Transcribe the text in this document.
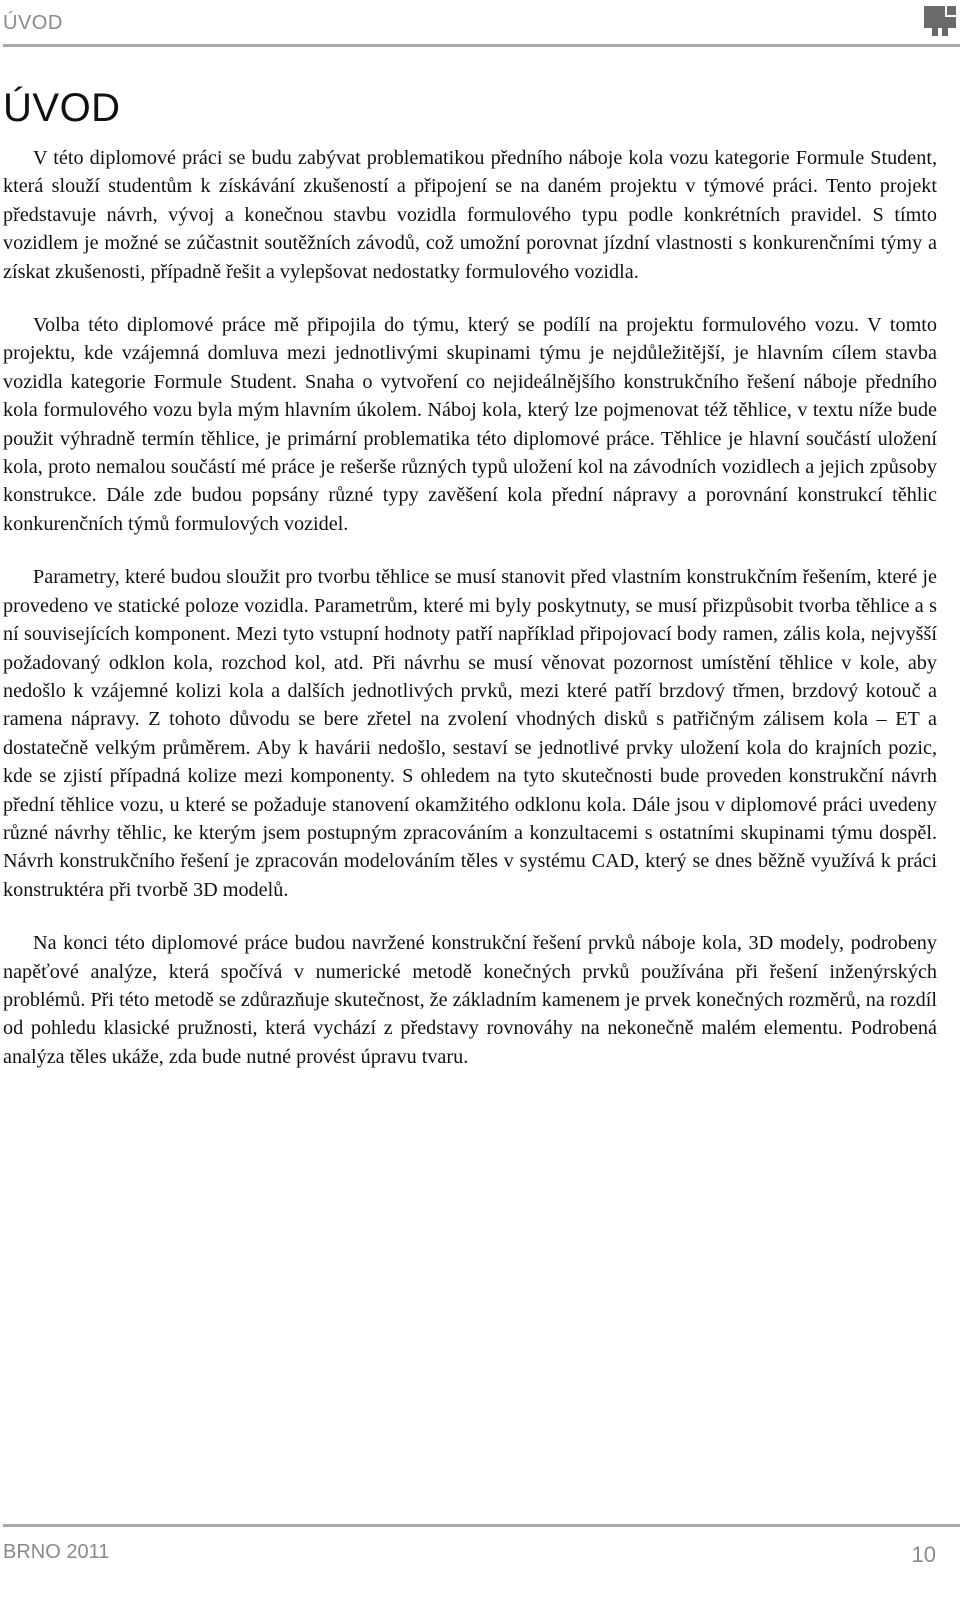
ÚVOD
ÚVOD

V této diplomové práci se budu zabývat problematikou předního náboje kola vozu kategorie Formule Student, která slouží studentům k získávání zkušeností a připojení se na daném projektu v týmové práci. Tento projekt představuje návrh, vývoj a konečnou stavbu vozidla formulového typu podle konkrétních pravidel. S tímto vozidlem je možné se zúčastnit soutěžních závodů, což umožní porovnat jízdní vlastnosti s konkurenčními týmy a získat zkušenosti, případně řešit a vylepšovat nedostatky formulového vozidla.

Volba této diplomové práce mě připojila do týmu, který se podílí na projektu formulového vozu. V tomto projektu, kde vzájemná domluva mezi jednotlivými skupinami týmu je nejdůležitější, je hlavním cílem stavba vozidla kategorie Formule Student. Snaha o vytvoření co nejideálnějšího konstrukčního řešení náboje předního kola formulového vozu byla mým hlavním úkolem. Náboj kola, který lze pojmenovat též těhlice, v textu níže bude použit výhradně termín těhlice, je primární problematika této diplomové práce. Těhlice je hlavní součástí uložení kola, proto nemalou součástí mé práce je rešerše různých typů uložení kol na závodních vozidlech a jejich způsoby konstrukce. Dále zde budou popsány různé typy zavěšení kola přední nápravy a porovnání konstrukcí těhlic konkurenčních týmů formulových vozidel.

Parametry, které budou sloužit pro tvorbu těhlice se musí stanovit před vlastním konstrukčním řešením, které je provedeno ve statické poloze vozidla. Parametrům, které mi byly poskytnuty, se musí přizpůsobit tvorba těhlice a s ní souvisejících komponent. Mezi tyto vstupní hodnoty patří například připojovací body ramen, zális kola, nejvyšší požadovaný odklon kola, rozchod kol, atd. Při návrhu se musí věnovat pozornost umístění těhlice v kole, aby nedošlo k vzájemné kolizi kola a dalších jednotlivých prvků, mezi které patří brzdový třmen, brzdový kotouč a ramena nápravy. Z tohoto důvodu se bere zřetel na zvolení vhodných disků s patřičným zálisem kola – ET a dostatečně velkým průměrem. Aby k havárii nedošlo, sestaví se jednotlivé prvky uložení kola do krajních pozic, kde se zjistí případná kolize mezi komponenty. S ohledem na tyto skutečnosti bude proveden konstrukční návrh přední těhlice vozu, u které se požaduje stanovení okamžitého odklonu kola. Dále jsou v diplomové práci uvedeny různé návrhy těhlic, ke kterým jsem postupným zpracováním a konzultacemi s ostatními skupinami týmu dospěl. Návrh konstrukčního řešení je zpracován modelováním těles v systému CAD, který se dnes běžně využívá k práci konstruktéra při tvorbě 3D modelů.

Na konci této diplomové práce budou navržené konstrukční řešení prvků náboje kola, 3D modely, podrobeny napěťové analýze, která spočívá v numerické metodě konečných prvků používána při řešení inženýrských problémů. Při této metodě se zdůrazňuje skutečnost, že základním kamenem je prvek konečných rozměrů, na rozdíl od pohledu klasické pružnosti, která vychází z představy rovnováhy na nekonečně malém elementu. Podrobená analýza těles ukáže, zda bude nutné provést úpravu tvaru.

BRNO 2011	10
